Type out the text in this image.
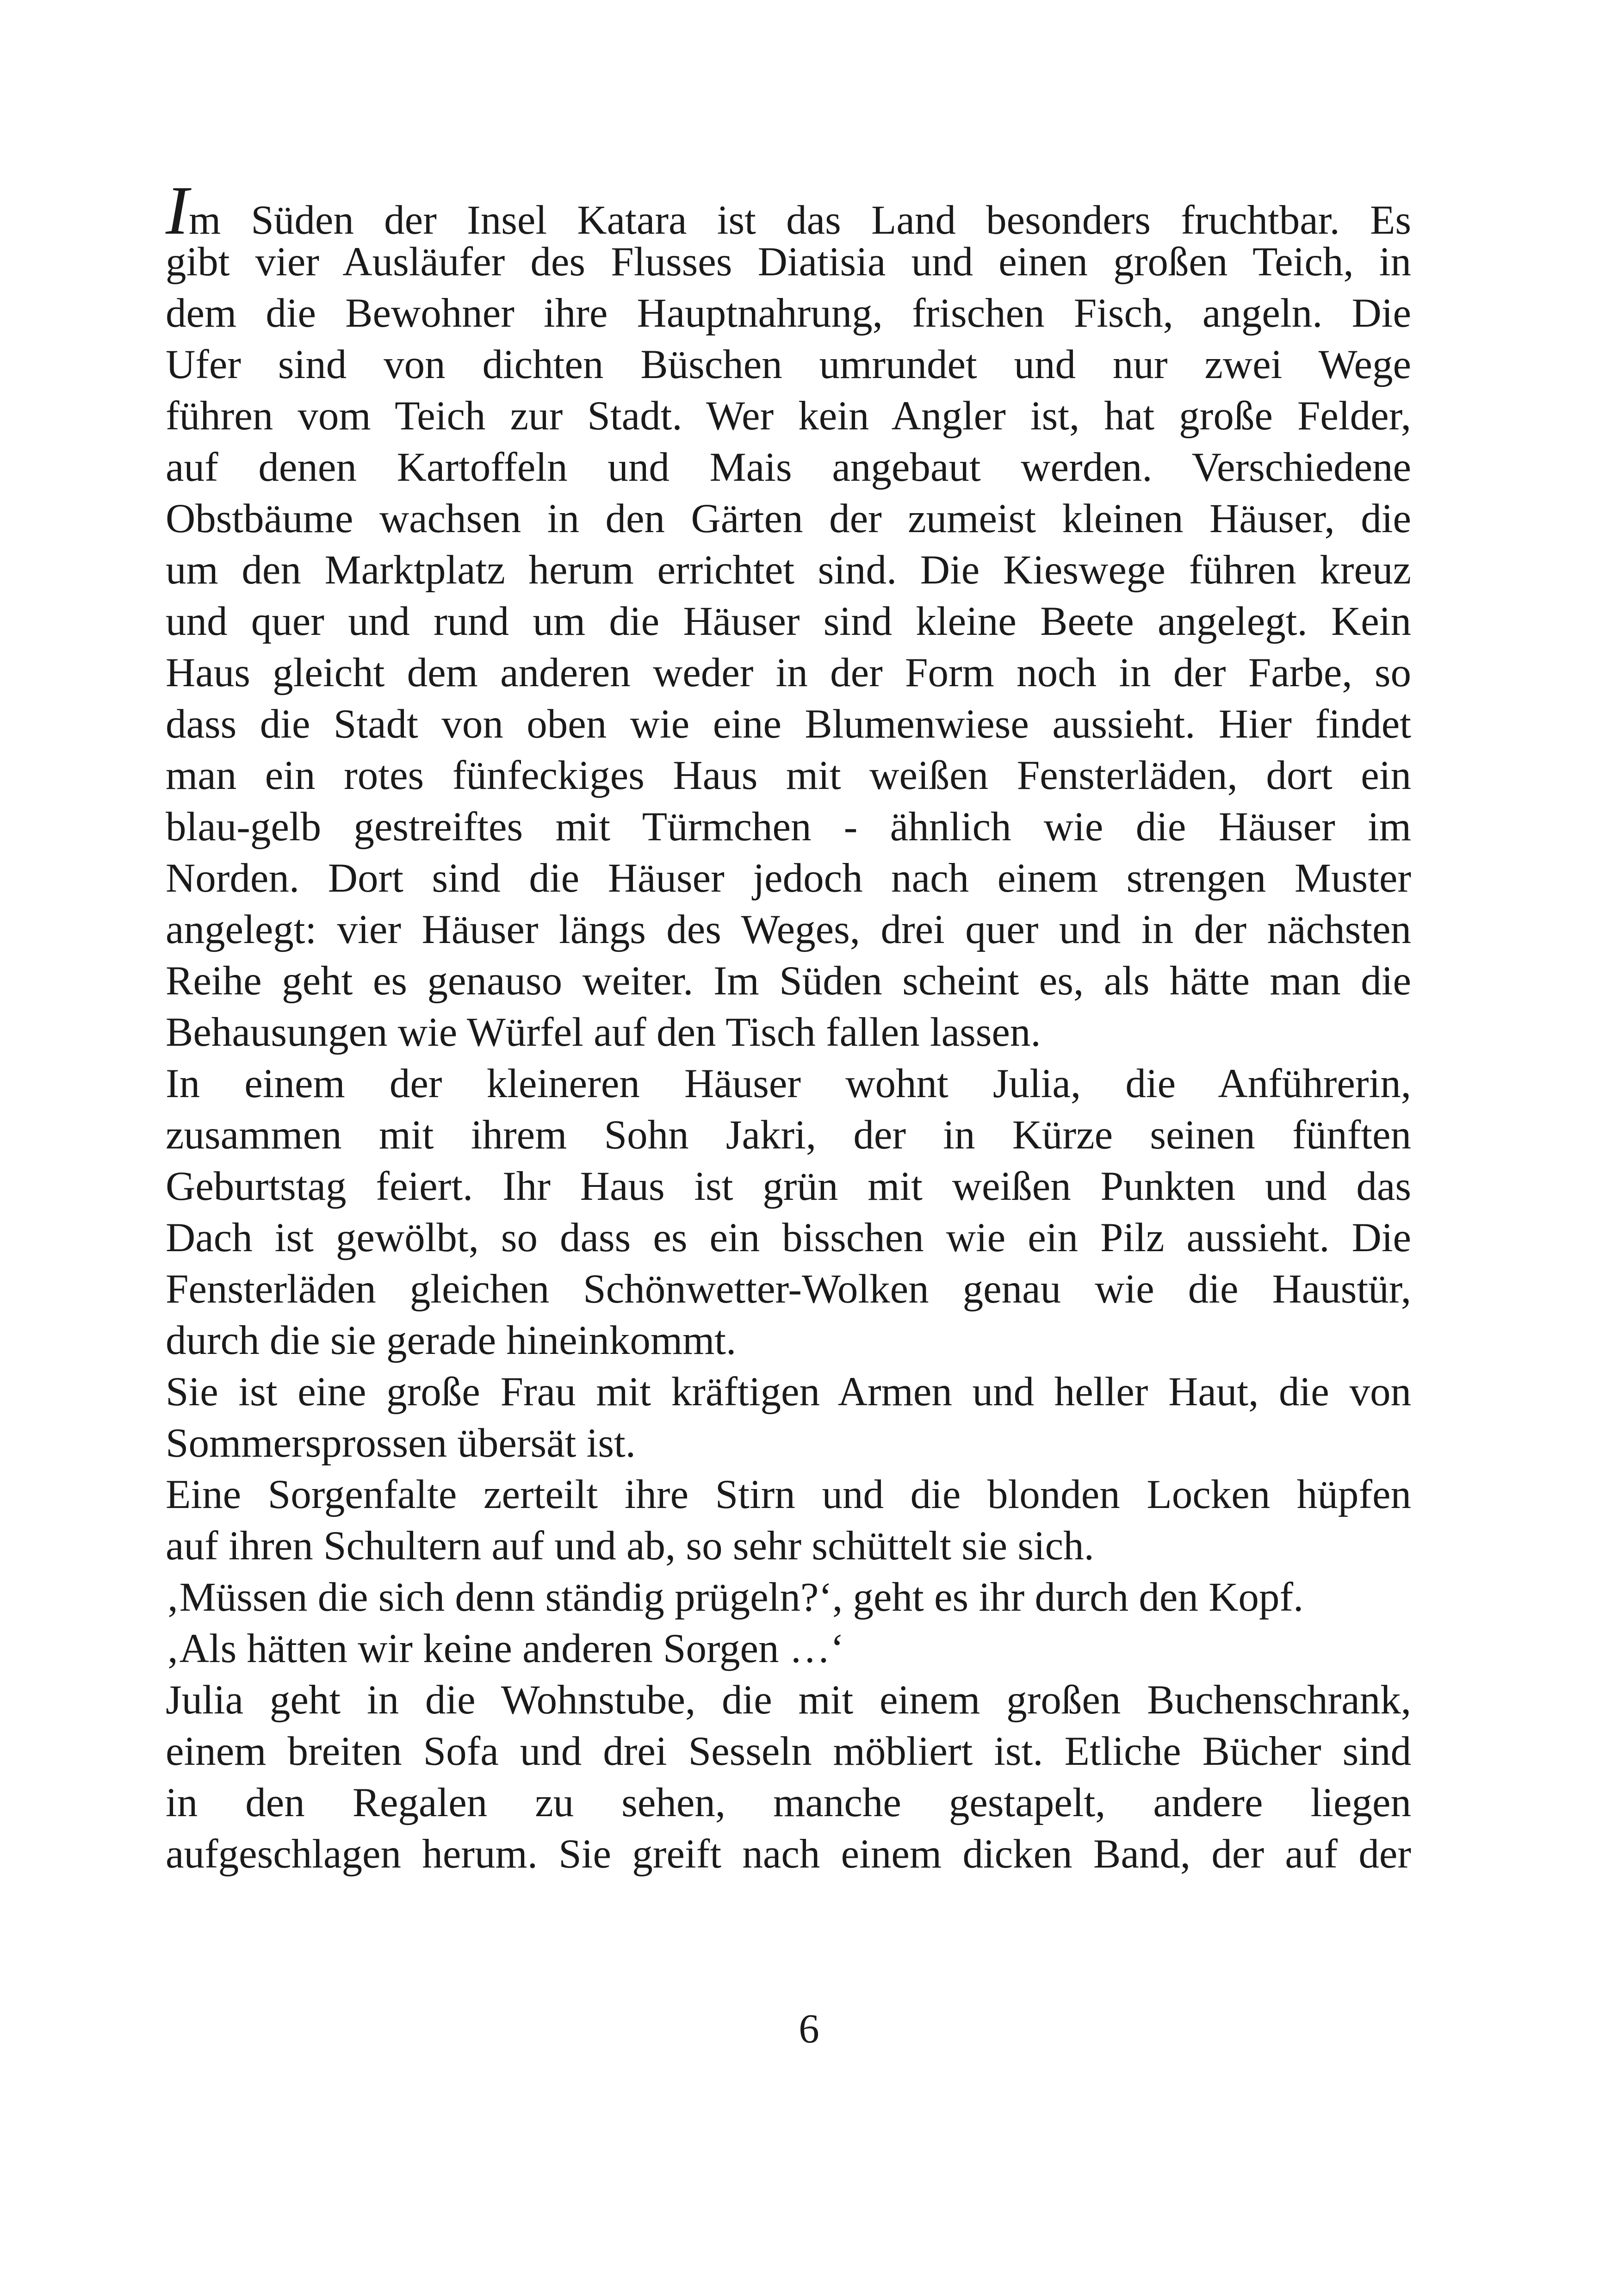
Im Süden der Insel Katara ist das Land besonders fruchtbar. Es
gibt vier Ausläufer des Flusses Diatisia und einen großen Teich, in
dem die Bewohner ihre Hauptnahrung, frischen Fisch, angeln. Die
Ufer sind von dichten Büschen umrundet und nur zwei Wege
führen vom Teich zur Stadt. Wer kein Angler ist, hat große Felder,
auf denen Kartoffeln und Mais angebaut werden. Verschiedene
Obstbäume wachsen in den Gärten der zumeist kleinen Häuser, die
um den Marktplatz herum errichtet sind. Die Kieswege führen kreuz
und quer und rund um die Häuser sind kleine Beete angelegt. Kein
Haus gleicht dem anderen weder in der Form noch in der Farbe, so
dass die Stadt von oben wie eine Blumenwiese aussieht. Hier findet
man ein rotes fünfeckiges Haus mit weißen Fensterläden, dort ein
blau-gelb gestreiftes mit Türmchen - ähnlich wie die Häuser im
Norden. Dort sind die Häuser jedoch nach einem strengen Muster
angelegt: vier Häuser längs des Weges, drei quer und in der nächsten
Reihe geht es genauso weiter. Im Süden scheint es, als hätte man die
Behausungen wie Würfel auf den Tisch fallen lassen.
In einem der kleineren Häuser wohnt Julia, die Anführerin,
zusammen mit ihrem Sohn Jakri, der in Kürze seinen fünften
Geburtstag feiert. Ihr Haus ist grün mit weißen Punkten und das
Dach ist gewölbt, so dass es ein bisschen wie ein Pilz aussieht. Die
Fensterläden gleichen Schönwetter-Wolken genau wie die Haustür,
durch die sie gerade hineinkommt.
Sie ist eine große Frau mit kräftigen Armen und heller Haut, die von
Sommersprossen übersät ist.
Eine Sorgenfalte zerteilt ihre Stirn und die blonden Locken hüpfen
auf ihren Schultern auf und ab, so sehr schüttelt sie sich.
‚Müssen die sich denn ständig prügeln?‘, geht es ihr durch den Kopf.
‚Als hätten wir keine anderen Sorgen …‘
Julia geht in die Wohnstube, die mit einem großen Buchenschrank,
einem breiten Sofa und drei Sesseln möbliert ist. Etliche Bücher sind
in den Regalen zu sehen, manche gestapelt, andere liegen
aufgeschlagen herum. Sie greift nach einem dicken Band, der auf der
6
